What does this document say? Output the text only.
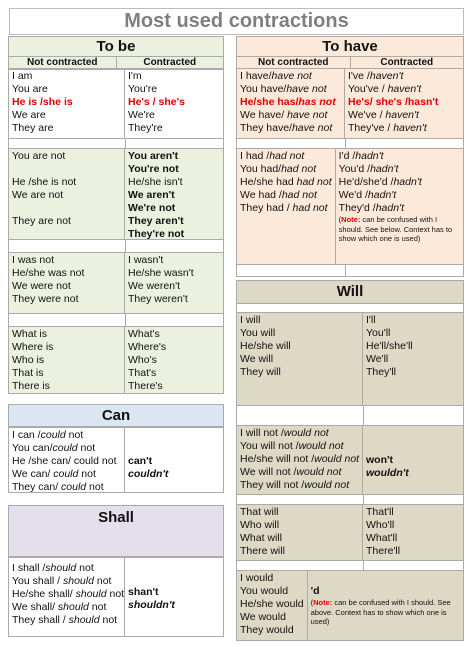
Most used contractions
To be
Not contracted	Contracted
I am
You are
He is /she is
We are
They are
I'm
You're
He's / she's
We're
They're
You are not
He /she is not
We are not
They are not
You aren't
You're not
He/she isn't
We aren't
We're not
They aren't
They're not
I was not
He/she was not
We were not
They were not
I wasn't
He/she wasn't
We weren't
They weren't
What is
Where is
Who is
That is
There is
What's
Where's
Who's
That's
There's
Can
I can /could not
You can/could not
He /she can/ could not
We can/ could not
They can/ could not
can't
couldn't
Shall
I shall /should not
You shall / should not
He/she shall/ should not
We shall/ should not
They shall / should not
shan't
shouldn't
To have
Not contracted	Contracted
I have/have not
You have/have not
He/she has/has not
We have/ have not
They have/have not
I've /haven't
You've / haven't
He's/ she's /hasn't
We've / haven't
They've / haven't
I had /had not
You had/had not
He/she had had not
We had /had not
They had / had not
I'd /hadn't
You'd /hadn't
He'd/she'd /hadn't
We'd /hadn't
They'd /hadn't
(Note: can be confused with I should. See below. Context has to show which one is used)
Will
I will
You will
He/she will
We will
They will
I'll
You'll
He'll/she'll
We'll
They'll
I will not /would not
You will not /would not
He/she will not /would not
We will not /would not
They will not /would not
won't
wouldn't
That will
Who will
What will
There will
That'll
Who'll
What'll
There'll
I would
You would
He/she would
We would
They would
'd
(Note: can be confused with I should. See above. Context has to show which one is used)
